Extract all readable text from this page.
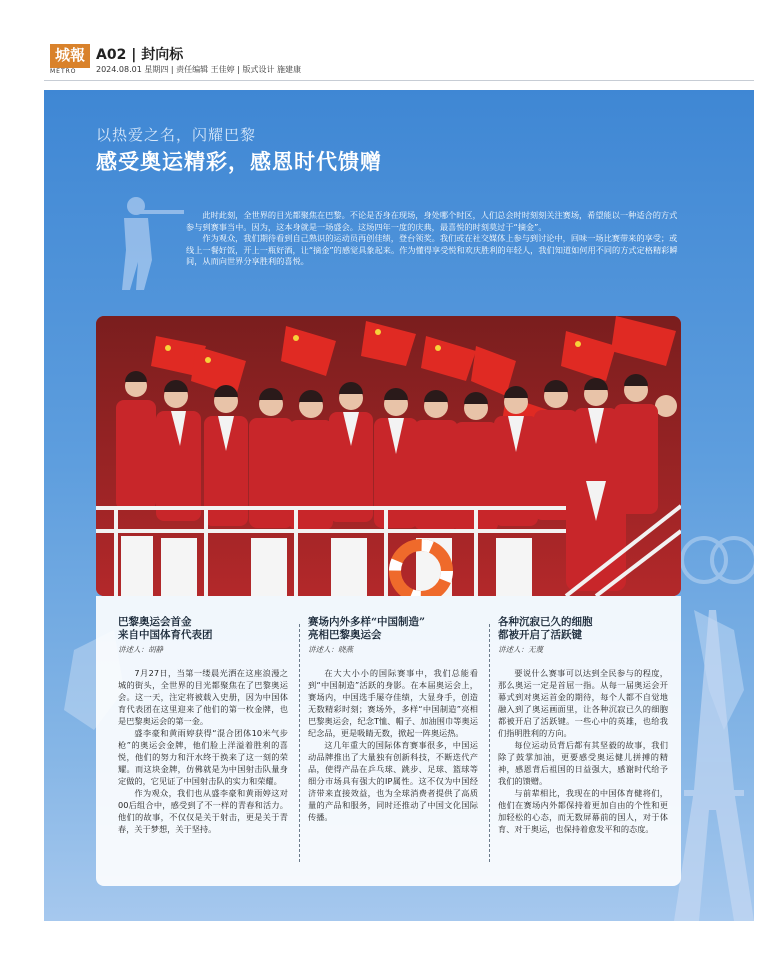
城報
METRO
A02 | 封向标
2024.08.01 星期四 | 责任编辑 王佳婷 | 版式设计 施建康
以热爱之名，闪耀巴黎
感受奥运精彩，感恩时代馈赠

此时此刻，全世界的目光都聚焦在巴黎。不论是否身在现场，身处哪个时区，人们总会时时刻刻关注赛场，希望能以一种适合的方式参与到赛事当中。因为，这本身就是一场盛会。这场四年一度的庆典，最喜悦的时刻莫过于“摘金”。

作为观众，我们期待看到自己熟识的运动员再创佳绩，登台领奖。我们或在社交媒体上参与到讨论中，回味一场比赛带来的享受；或线上一餐好饭，开上一瓶好酒，让“摘金”的感觉具象起来。作为懂得享受悦和欢庆胜利的年轻人，我们知道如何用不同的方式定格精彩瞬间，从而向世界分享胜利的喜悦。

巴黎奥运会首金
来自中国体育代表团
讲述人：胡静

7月27日，当第一缕晨光洒在这座浪漫之城的街头，全世界的目光都聚焦在了巴黎奥运会。这一天，注定将被载入史册，因为中国体育代表团在这里迎来了他们的第一枚金牌，也是巴黎奥运会的第一金。

盛李豪和黄雨婷获得“混合团体10米气步枪”的奥运会金牌，他们脸上洋溢着胜利的喜悦，他们的努力和汗水终于换来了这一刻的荣耀。而这块金牌，仿佛就是为中国射击队量身定做的，它见证了中国射击队的实力和荣耀。

作为观众，我们也从盛李豪和黄雨婷这对00后组合中，感受到了不一样的青春和活力。他们的故事，不仅仅是关于射击，更是关于青春，关于梦想，关于坚持。

赛场内外多样“中国制造”
亮相巴黎奥运会
讲述人：晓燕

在大大小小的国际赛事中，我们总能看到“中国制造”活跃的身影。在本届奥运会上，赛场内，中国选手屡夺佳绩，大显身手，创造无数精彩时刻；赛场外，多样“中国制造”亮相巴黎奥运会，纪念T恤、帽子、加油围巾等奥运纪念品，更是吸睛无数，掀起一阵奥运热。

这几年重大的国际体育赛事很多，中国运动品牌推出了大量独有创新科技，不断迭代产品，使得产品在乒乓球、跳步、足球、篮球等细分市场具有强大的IP属性。这不仅为中国经济带来直接效益，也为全球消费者提供了高质量的产品和服务，同时还推动了中国文化国际传播。

各种沉寂已久的细胞
都被开启了活跃键
讲述人：无蔑

要说什么赛事可以达到全民参与的程度，那么奥运一定是首屈一指。从每一届奥运会开幕式到对奥运首金的期待，每个人都不自觉地融入到了奥运画面里，让各种沉寂已久的细胞都被开启了活跃键。一些心中的英雄，也给我们指明胜利的方向。

每位运动员背后都有其坚毅的故事，我们除了鼓掌加油，更要感受奥运健儿拼搏的精神，感恩背后祖国的日益强大，感谢时代给予我们的馈赠。

与前辈相比，我现在的中国体育健将们，他们在赛场内外都保持着更加自由的个性和更加轻松的心态，而无数屏幕前的国人，对于体育、对于奥运，也保持着愈发平和的态度。
